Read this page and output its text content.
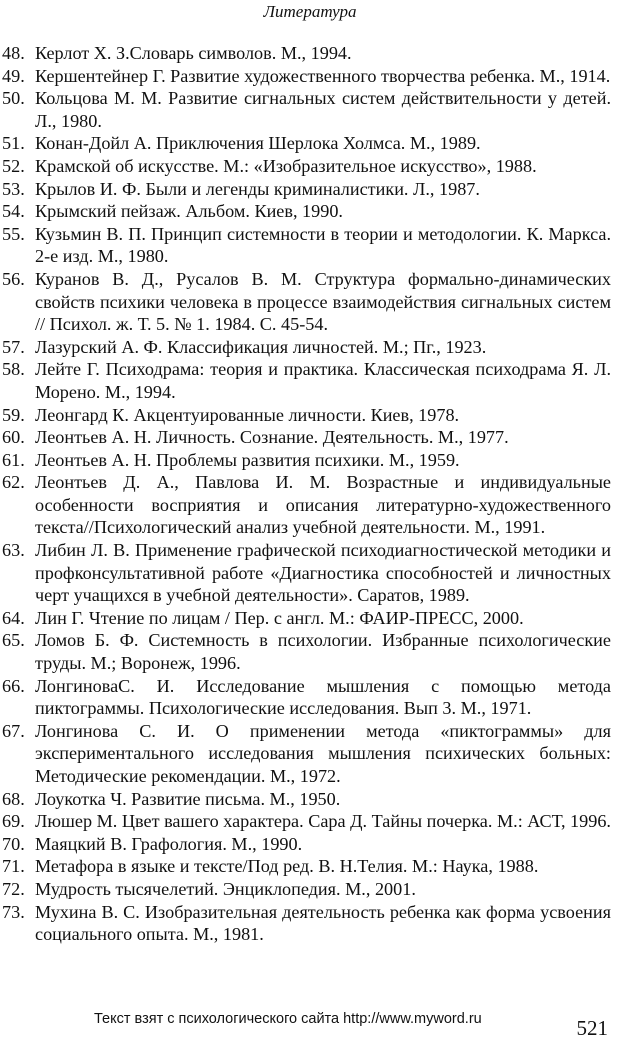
Литература
48. Керлот Х. З.Словарь символов. М., 1994.
49. Кершентейнер Г. Развитие художественного творчества ребенка. М., 1914.
50. Кольцова М. М. Развитие сигнальных систем действительности у детей. Л., 1980.
51. Конан-Дойл А. Приключения Шерлока Холмса. М., 1989.
52. Крамской об искусстве. М.: «Изобразительное искусство», 1988.
53. Крылов И. Ф. Были и легенды криминалистики. Л., 1987.
54. Крымский пейзаж. Альбом. Киев, 1990.
55. Кузьмин В. П. Принцип системности в теории и методологии. К. Маркса. 2-е изд. М., 1980.
56. Куранов В. Д., Русалов В. М. Структура формально-динамических свойств психики человека в процессе взаимодействия сигнальных систем // Психол. ж. Т. 5. № 1. 1984. С. 45-54.
57. Лазурский А. Ф. Классификация личностей. М.; Пг., 1923.
58. Лейте Г. Психодрама: теория и практика. Классическая психодрама Я. Л. Морено. М., 1994.
59. Леонгард К. Акцентуированные личности. Киев, 1978.
60. Леонтьев А. Н. Личность. Сознание. Деятельность. М., 1977.
61. Леонтьев А. Н. Проблемы развития психики. М., 1959.
62. Леонтьев Д. А., Павлова И. М. Возрастные и индивидуальные особенности восприятия и описания литературно-художественного текста//Психологический анализ учебной деятельности. М., 1991.
63. Либин Л. В. Применение графической психодиагностической методики и профконсультативной работе «Диагностика способностей и личностных черт учащихся в учебной деятельности». Саратов, 1989.
64. Лин Г. Чтение по лицам / Пер. с англ. М.: ФАИР-ПРЕСС, 2000.
65. Ломов Б. Ф. Системность в психологии. Избранные психологические труды. М.; Воронеж, 1996.
66. ЛонгиноваС. И. Исследование мышления с помощью метода пиктограммы. Психологические исследования. Вып 3. М., 1971.
67. Лонгинова С. И. О применении метода «пиктограммы» для экспериментального исследования мышления психических больных: Методические рекомендации. М., 1972.
68. Лоукотка Ч. Развитие письма. М., 1950.
69. Люшер М. Цвет вашего характера. Сара Д. Тайны почерка. М.: АСТ, 1996.
70. Маяцкий В. Графология. М., 1990.
71. Метафора в языке и тексте/Под ред. В. Н.Телия. М.: Наука, 1988.
72. Мудрость тысячелетий. Энциклопедия. М., 2001.
73. Мухина В. С. Изобразительная деятельность ребенка как форма усвоения социального опыта. М., 1981.
Текст взят с психологического сайта http://www.myword.ru	521
